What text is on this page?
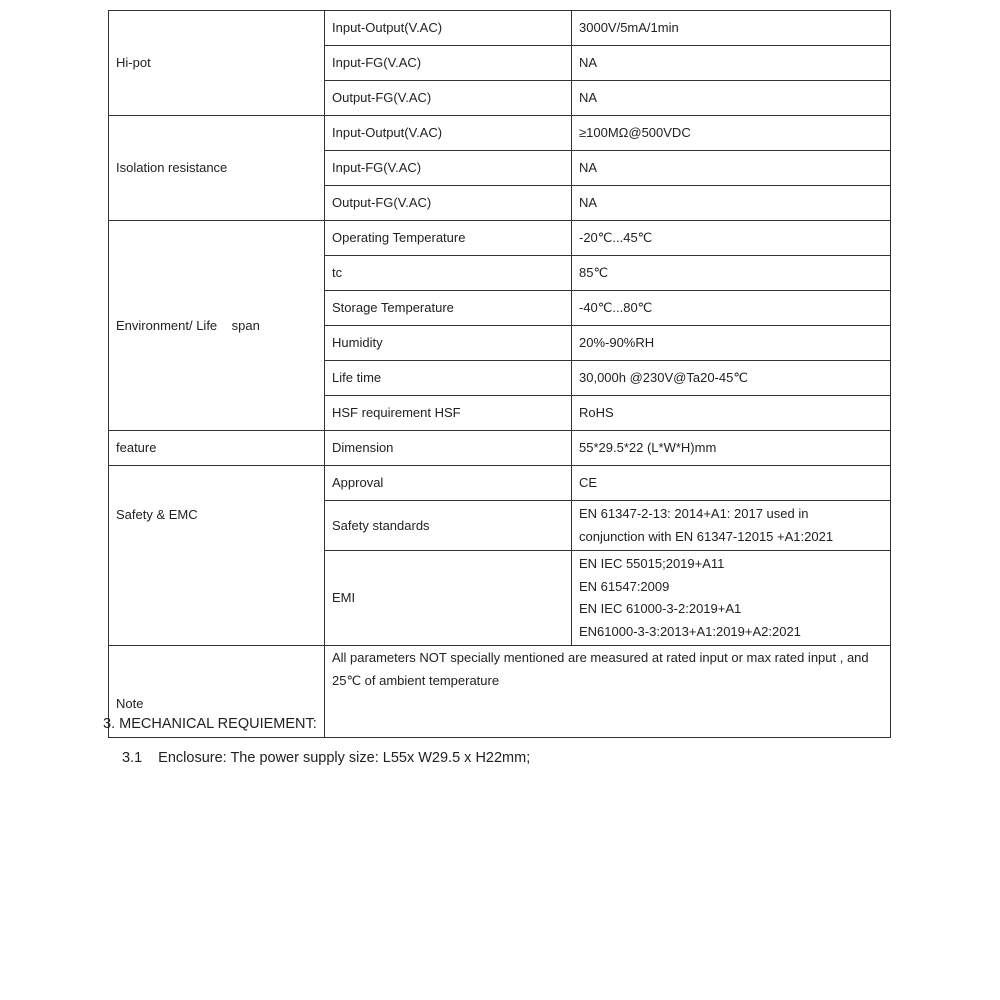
Hi-pot	Input-Output(V.AC)	3000V/5mA/1min
	Input-FG(V.AC)	NA
	Output-FG(V.AC)	NA
Isolation resistance	Input-Output(V.AC)	≥100MΩ@500VDC
	Input-FG(V.AC)	NA
	Output-FG(V.AC)	NA
Environment/ Life    span	Operating Temperature	-20℃...45℃
	tc	85℃
	Storage Temperature	-40℃...80℃
	Humidity	20%-90%RH
	Life time	30,000h @230V@Ta20-45℃
	HSF requirement HSF	RoHS
feature	Dimension	55*29.5*22 (L*W*H)mm
Safety & EMC	Approval	CE
	Safety standards	EN 61347-2-13: 2014+A1: 2017 used in
conjunction with EN 61347-12015 +A1:2021

	EMI	EN IEC 55015;2019+A11
EN 61547:2009
EN IEC 61000-3-2:2019+A1
EN61000-3-3:2013+A1:2019+A2:2021

Note	All parameters NOT specially mentioned are measured at rated input or max rated input , and 25℃ of ambient temperature	

3. MECHANICAL REQUIEMENT:

3.1 Enclosure: The power supply size: L55x W29.5 x H22mm;
